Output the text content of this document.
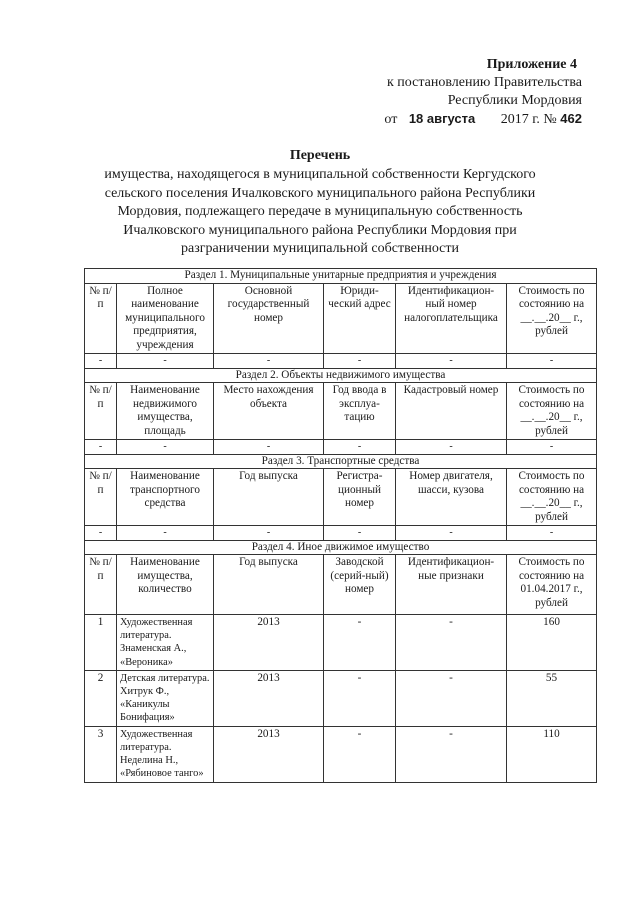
Приложение 4
к постановлению Правительства
Республики Мордовия
от 18 августа 2017 г. № 462
Перечень
имущества, находящегося в муниципальной собственности Кергудского
сельского поселения Ичалковского муниципального района Республики
Мордовия, подлежащего передаче в муниципальную собственность
Ичалковского муниципального района Республики Мордовия при
разграничении муниципальной собственности
Раздел 1. Муниципальные унитарные предприятия и учреждения					
№ п/п	Полное наименование муниципального предприятия, учреждения	Основной государственный номер	Юриди-ческий адрес	Идентификацион-ный номер налогоплательщика	Стоимость по состоянию на __.__.20__ г., рублей
-	-	-	-	-	-
Раздел 2. Объекты недвижимого имущества					
№ п/п	Наименование недвижимого имущества, площадь	Место нахождения объекта	Год ввода в эксплуа-тацию	Кадастровый номер	Стоимость по состоянию на __.__.20__ г., рублей
-	-	-	-	-	-
Раздел 3. Транспортные средства					
№ п/п	Наименование транспортного средства	Год выпуска	Регистра-ционный номер	Номер двигателя, шасси, кузова	Стоимость по состоянию на __.__.20__ г., рублей
-	-	-	-	-	-
Раздел 4. Иное движимое имущество					
№ п/п	Наименование имущества, количество	Год выпуска	Заводской (серий-ный) номер	Идентификацион-ные признаки	Стоимость по состоянию на 01.04.2017 г., рублей
1	Художественная литература. Знаменская А., «Вероника»	2013	-	-	160
2	Детская литература. Хитрук Ф., «Каникулы Бонифация»	2013	-	-	55
3	Художественная литература. Неделина Н., «Рябиновое танго»	2013	-	-	110
